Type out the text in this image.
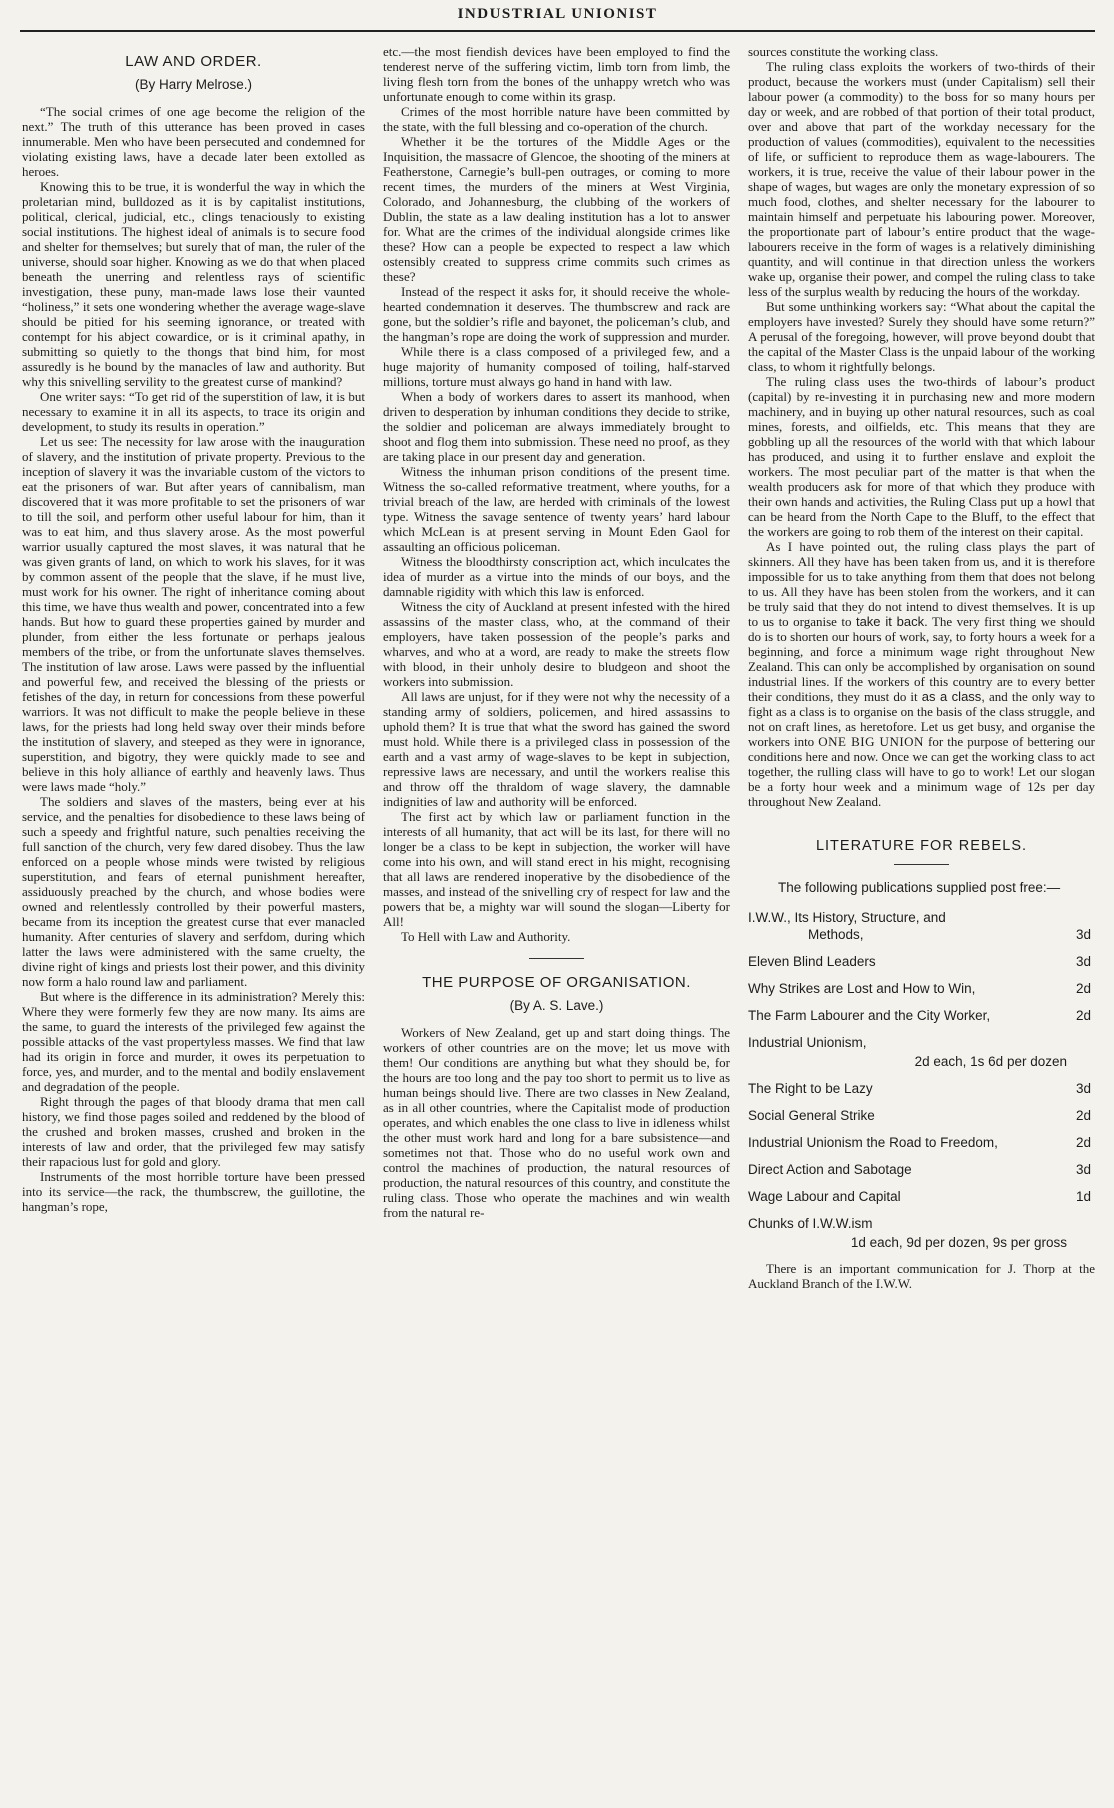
INDUSTRIAL UNIONIST
LAW AND ORDER.
(By Harry Melrose.)

“The social crimes of one age become the religion of the next.” The truth of this utterance has been proved in cases innumerable. Men who have been persecuted and condemned for violating existing laws, have a decade later been extolled as heroes.

Knowing this to be true, it is wonderful the way in which the proletarian mind, bulldozed as it is by capitalist institutions, political, clerical, judicial, etc., clings tenaciously to existing social institutions. The highest ideal of animals is to secure food and shelter for themselves; but surely that of man, the ruler of the universe, should soar higher. Knowing as we do that when placed beneath the unerring and relentless rays of scientific investigation, these puny, man-made laws lose their vaunted “holiness,” it sets one wondering whether the average wage-slave should be pitied for his seeming ignorance, or treated with contempt for his abject cowardice, or is it criminal apathy, in submitting so quietly to the thongs that bind him, for most assuredly is he bound by the manacles of law and authority. But why this snivelling servility to the greatest curse of mankind?

One writer says: “To get rid of the superstition of law, it is but necessary to examine it in all its aspects, to trace its origin and development, to study its results in operation.”

Let us see: The necessity for law arose with the inauguration of slavery, and the institution of private property. Previous to the inception of slavery it was the invariable custom of the victors to eat the prisoners of war. But after years of cannibalism, man discovered that it was more profitable to set the prisoners of war to till the soil, and perform other useful labour for him, than it was to eat him, and thus slavery arose. As the most powerful warrior usually captured the most slaves, it was natural that he was given grants of land, on which to work his slaves, for it was by common assent of the people that the slave, if he must live, must work for his owner. The right of inheritance coming about this time, we have thus wealth and power, concentrated into a few hands. But how to guard these properties gained by murder and plunder, from either the less fortunate or perhaps jealous members of the tribe, or from the unfortunate slaves themselves. The institution of law arose. Laws were passed by the influential and powerful few, and received the blessing of the priests or fetishes of the day, in return for concessions from these powerful warriors. It was not difficult to make the people believe in these laws, for the priests had long held sway over their minds before the institution of slavery, and steeped as they were in ignorance, superstition, and bigotry, they were quickly made to see and believe in this holy alliance of earthly and heavenly laws. Thus were laws made “holy.”

The soldiers and slaves of the masters, being ever at his service, and the penalties for disobedience to these laws being of such a speedy and frightful nature, such penalties receiving the full sanction of the church, very few dared disobey. Thus the law enforced on a people whose minds were twisted by religious superstitution, and fears of eternal punishment hereafter, assiduously preached by the church, and whose bodies were owned and relentlessly controlled by their powerful masters, became from its inception the greatest curse that ever manacled humanity. After centuries of slavery and serfdom, during which latter the laws were administered with the same cruelty, the divine right of kings and priests lost their power, and this divinity now form a halo round law and parliament.

But where is the difference in its administration? Merely this: Where they were formerly few they are now many. Its aims are the same, to guard the interests of the privileged few against the possible attacks of the vast propertyless masses. We find that law had its origin in force and murder, it owes its perpetuation to force, yes, and murder, and to the mental and bodily enslavement and degradation of the people.

Right through the pages of that bloody drama that men call history, we find those pages soiled and reddened by the blood of the crushed and broken masses, crushed and broken in the interests of law and order, that the privileged few may satisfy their rapacious lust for gold and glory.

Instruments of the most horrible torture have been pressed into its service—the rack, the thumbscrew, the guillotine, the hangman’s rope,

etc.—the most fiendish devices have been employed to find the tenderest nerve of the suffering victim, limb torn from limb, the living flesh torn from the bones of the unhappy wretch who was unfortunate enough to come within its grasp.

Crimes of the most horrible nature have been committed by the state, with the full blessing and co-operation of the church.

Whether it be the tortures of the Middle Ages or the Inquisition, the massacre of Glencoe, the shooting of the miners at Featherstone, Carnegie’s bull-pen outrages, or coming to more recent times, the murders of the miners at West Virginia, Colorado, and Johannesburg, the clubbing of the workers of Dublin, the state as a law dealing institution has a lot to answer for. What are the crimes of the individual alongside crimes like these? How can a people be expected to respect a law which ostensibly created to suppress crime commits such crimes as these?

Instead of the respect it asks for, it should receive the whole-hearted condemnation it deserves. The thumbscrew and rack are gone, but the soldier’s rifle and bayonet, the policeman’s club, and the hangman’s rope are doing the work of suppression and murder.

While there is a class composed of a privileged few, and a huge majority of humanity composed of toiling, half-starved millions, torture must always go hand in hand with law.

When a body of workers dares to assert its manhood, when driven to desperation by inhuman conditions they decide to strike, the soldier and policeman are always immediately brought to shoot and flog them into submission. These need no proof, as they are taking place in our present day and generation.

Witness the inhuman prison conditions of the present time. Witness the so-called reformative treatment, where youths, for a trivial breach of the law, are herded with criminals of the lowest type. Witness the savage sentence of twenty years’ hard labour which McLean is at present serving in Mount Eden Gaol for assaulting an officious policeman.

Witness the bloodthirsty conscription act, which inculcates the idea of murder as a virtue into the minds of our boys, and the damnable rigidity with which this law is enforced.

Witness the city of Auckland at present infested with the hired assassins of the master class, who, at the command of their employers, have taken possession of the people’s parks and wharves, and who at a word, are ready to make the streets flow with blood, in their unholy desire to bludgeon and shoot the workers into submission.

All laws are unjust, for if they were not why the necessity of a standing army of soldiers, policemen, and hired assassins to uphold them? It is true that what the sword has gained the sword must hold. While there is a privileged class in possession of the earth and a vast army of wage-slaves to be kept in subjection, repressive laws are necessary, and until the workers realise this and throw off the thraldom of wage slavery, the damnable indignities of law and authority will be enforced.

The first act by which law or parliament function in the interests of all humanity, that act will be its last, for there will no longer be a class to be kept in subjection, the worker will have come into his own, and will stand erect in his might, recognising that all laws are rendered inoperative by the disobedience of the masses, and instead of the snivelling cry of respect for law and the powers that be, a mighty war will sound the slogan—Liberty for All!

To Hell with Law and Authority.

THE PURPOSE OF ORGANISATION.
(By A. S. Lave.)

Workers of New Zealand, get up and start doing things. The workers of other countries are on the move; let us move with them! Our conditions are anything but what they should be, for the hours are too long and the pay too short to permit us to live as human beings should live. There are two classes in New Zealand, as in all other countries, where the Capitalist mode of production operates, and which enables the one class to live in idleness whilst the other must work hard and long for a bare subsistence—and sometimes not that. Those who do no useful work own and control the machines of production, the natural resources of production, the natural resources of this country, and constitute the ruling class. Those who operate the machines and win wealth from the natural re-

sources constitute the working class.

The ruling class exploits the workers of two-thirds of their product, because the workers must (under Capitalism) sell their labour power (a commodity) to the boss for so many hours per day or week, and are robbed of that portion of their total product, over and above that part of the workday necessary for the production of values (commodities), equivalent to the necessities of life, or sufficient to reproduce them as wage-labourers. The workers, it is true, receive the value of their labour power in the shape of wages, but wages are only the monetary expression of so much food, clothes, and shelter necessary for the labourer to maintain himself and perpetuate his labouring power. Moreover, the proportionate part of labour’s entire product that the wage-labourers receive in the form of wages is a relatively diminishing quantity, and will continue in that direction unless the workers wake up, organise their power, and compel the ruling class to take less of the surplus wealth by reducing the hours of the workday.

But some unthinking workers say: “What about the capital the employers have invested? Surely they should have some return?” A perusal of the foregoing, however, will prove beyond doubt that the capital of the Master Class is the unpaid labour of the working class, to whom it rightfully belongs.

The ruling class uses the two-thirds of labour’s product (capital) by re-investing it in purchasing new and more modern machinery, and in buying up other natural resources, such as coal mines, forests, and oilfields, etc. This means that they are gobbling up all the resources of the world with that which labour has produced, and using it to further enslave and exploit the workers. The most peculiar part of the matter is that when the wealth producers ask for more of that which they produce with their own hands and activities, the Ruling Class put up a howl that can be heard from the North Cape to the Bluff, to the effect that the workers are going to rob them of the interest on their capital.

As I have pointed out, the ruling class plays the part of skinners. All they have has been taken from us, and it is therefore impossible for us to take anything from them that does not belong to us. All they have has been stolen from the workers, and it can be truly said that they do not intend to divest themselves. It is up to us to organise to take it back. The very first thing we should do is to shorten our hours of work, say, to forty hours a week for a beginning, and force a minimum wage right throughout New Zealand. This can only be accomplished by organisation on sound industrial lines. If the workers of this country are to every better their conditions, they must do it as a class, and the only way to fight as a class is to organise on the basis of the class struggle, and not on craft lines, as heretofore. Let us get busy, and organise the workers into ONE BIG UNION for the purpose of bettering our conditions here and now. Once we can get the working class to act together, the rulling class will have to go to work! Let our slogan be a forty hour week and a minimum wage of 12s per day throughout New Zealand.

LITERATURE FOR REBELS.
The following publications supplied post free:—
I.W.W., Its History, Structure, and
Methods,	3d
Eleven Blind Leaders	3d
Why Strikes are Lost and How to Win,	2d
The Farm Labourer and the City Worker,	2d
Industrial Unionism,
2d each, 1s 6d per dozen
The Right to be Lazy	3d
Social General Strike	2d
Industrial Unionism the Road to Freedom,	2d
Direct Action and Sabotage	3d
Wage Labour and Capital	1d
Chunks of I.W.W.ism
1d each, 9d per dozen, 9s per gross

There is an important communication for J. Thorp at the Auckland Branch of the I.W.W.
